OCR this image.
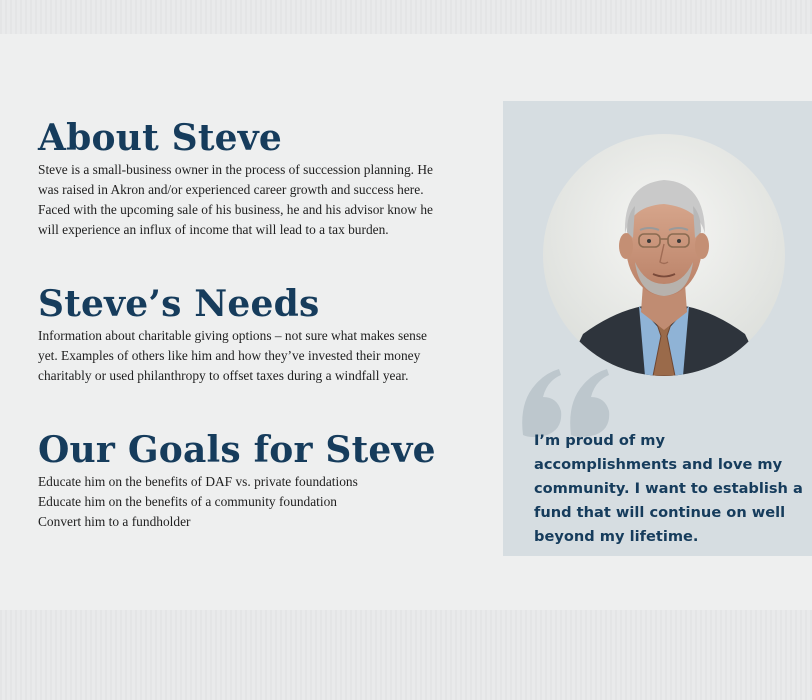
About Steve

Steve is a small-business owner in the process of succession planning. He was raised in Akron and/or experienced career growth and success here. Faced with the upcoming sale of his business, he and his advisor know he will experience an influx of income that will lead to a tax burden.

Steve’s Needs

Information about charitable giving options – not sure what makes sense yet. Examples of others like him and how they’ve invested their money charitably or used philanthropy to offset taxes during a windfall year.

Our Goals for Steve
Educate him on the benefits of DAF vs. private foundations
Educate him on the benefits of a community foundation
Convert him to a fundholder

I’m proud of my accomplishments and love my community. I want to establish a fund that will continue on well beyond my lifetime.
